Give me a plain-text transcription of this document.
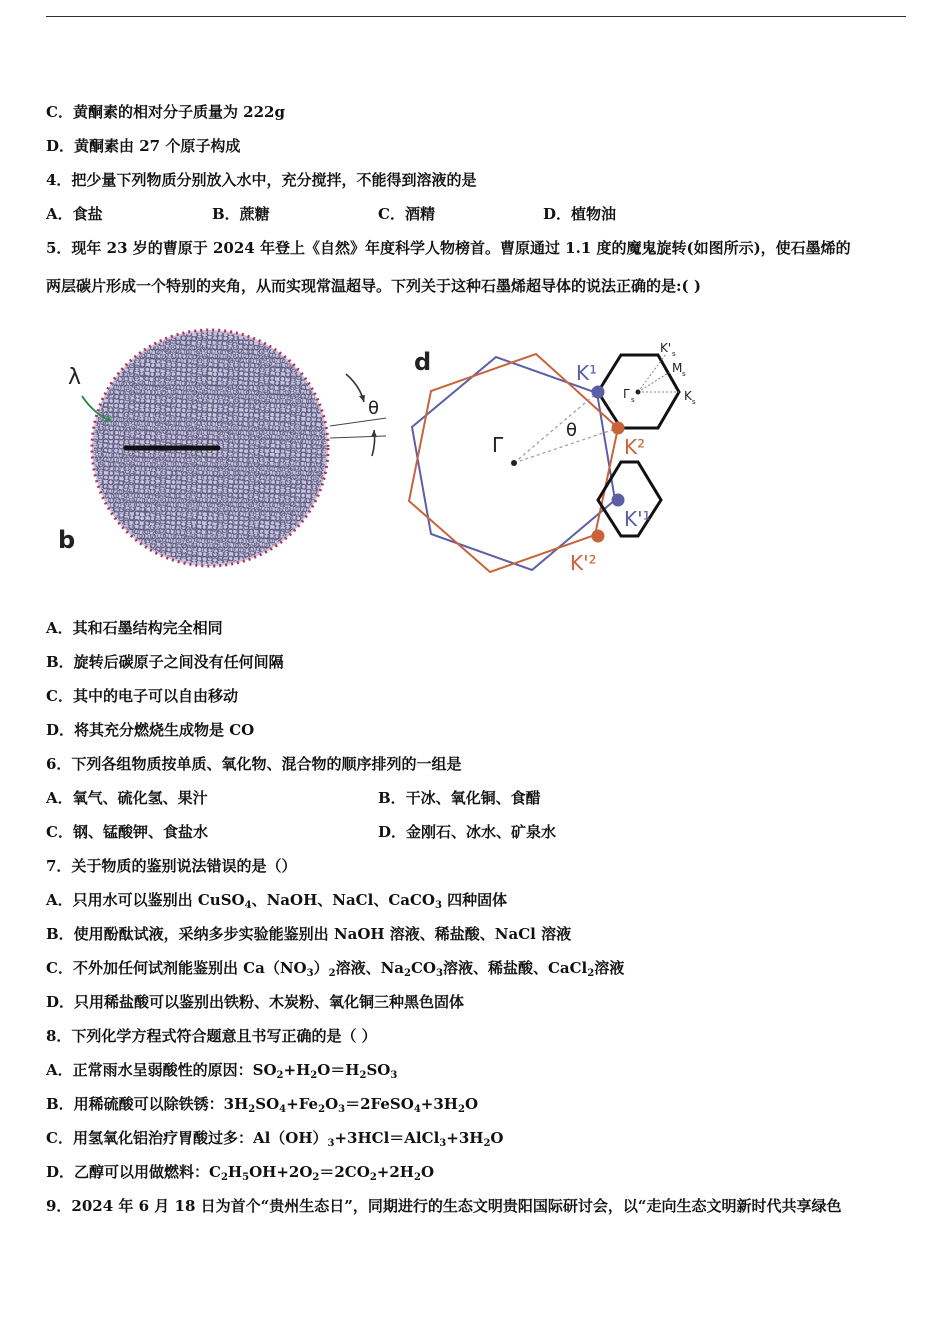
C．黄酮素的相对分子质量为 222g
D．黄酮素由 27 个原子构成
4．把少量下列物质分别放入水中，充分搅拌，不能得到溶液的是
A．食盐	B．蔗糖	C．酒精	D．植物油
5．现年 23 岁的曹原于 2024 年登上《自然》年度科学人物榜首。曹原通过 1.1 度的魔鬼旋转(如图所示)，使石墨烯的
两层碳片形成一个特别的夹角，从而实现常温超导。下列关于这种石墨烯超导体的说法正确的是:( )
λ
θ
b
d
Γ
θ
K¹
K²
K'¹
K'²
Γ s	K s
M s
K' s
A．其和石墨结构完全相同
B．旋转后碳原子之间没有任何间隔
C．其中的电子可以自由移动
D．将其充分燃烧生成物是 CO
6．下列各组物质按单质、氧化物、混合物的顺序排列的一组是
A．氧气、硫化氢、果汁	B．干冰、氧化铜、食醋
C．钢、锰酸钾、食盐水	D．金刚石、冰水、矿泉水
7．关于物质的鉴别说法错误的是（）
A．只用水可以鉴别出 CuSO$_4$、NaOH、NaCl、CaCO$_3$ 四种固体
B．使用酚酞试液，采纳多步实验能鉴别出 NaOH 溶液、稀盐酸、NaCl 溶液
C．不外加任何试剂能鉴别出 $Ca(NO_3)_2$溶液、$Na_2CO_3$溶液、稀盐酸、CaCl$_2$溶液
D．只用稀盐酸可以鉴别出铁粉、木炭粉、氧化铜三种黑色固体
8．下列化学方程式符合题意且书写正确的是（ ）
A．正常雨水呈弱酸性的原因：$SO_2+H_2O=H_2SO_3$
B．用稀硫酸可以除铁锈：$3H_2SO_4+Fe_2O_3=2FeSO_4+3H_2O$
C．用氢氧化铝治疗胃酸过多：$Al(OH)_3+3HCl=AlCl_3+3H_2O$
D．乙醇可以用做燃料：$C_2H_5OH+2O_2=2CO_2+2H_2O$
9．2024 年 6 月 18 日为首个“贵州生态日”，同期进行的生态文明贵阳国际研讨会，以“走向生态文明新时代共享绿色
